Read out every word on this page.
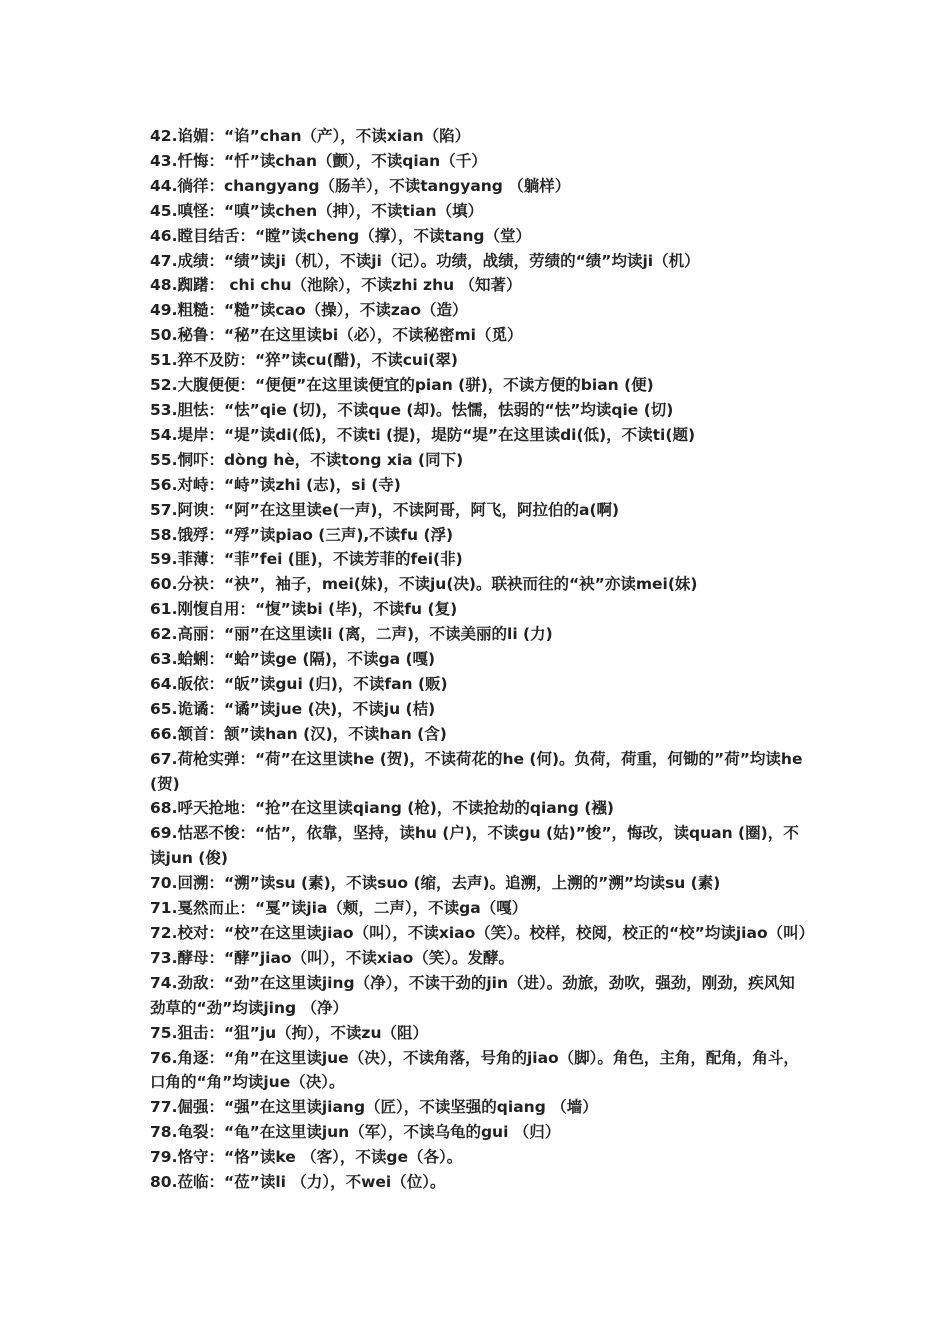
42.谄媚：“谄”chan（产），不读xian（陷）

43.忏悔：“忏”读chan（颤），不读qian（千）

44.徜徉：changyang（肠羊），不读tangyang （躺样）

45.嗔怪：“嗔”读chen（抻），不读tian（填）

46.瞠目结舌：“瞠”读cheng（撑），不读tang（堂）

47.成绩：“绩”读ji（机），不读ji（记）。功绩，战绩，劳绩的“绩”均读ji（机）

48.踟躇： chi chu（池除），不读zhi zhu （知著）

49.粗糙：“糙”读cao（操），不读zao（造）

50.秘鲁：“秘”在这里读bi（必），不读秘密mi（觅）

51.猝不及防：“猝”读cu(醋)，不读cui(翠)

52.大腹便便：“便便”在这里读便宜的pian (骈)，不读方便的bian (便)

53.胆怯：“怯”qie (切)，不读que (却)。怯懦，怯弱的“怯”均读qie (切)

54.堤岸：“堤”读di(低)，不读ti (提)，堤防“堤”在这里读di(低)，不读ti(题)

55.恫吓：dòng hè，不读tong xia (同下)

56.对峙：“峙”读zhi (志)，si (寺)

57.阿谀：“阿”在这里读e(一声)，不读阿哥，阿飞，阿拉伯的a(啊)

58.饿殍：“殍”读piao (三声),不读fu (浮)

59.菲薄：“菲”fei (匪)，不读芳菲的fei(非)

60.分袂：“袂”，袖子，mei(妹)，不读ju(决)。联袂而往的“袂”亦读mei(妹)

61.刚愎自用：“愎”读bi (毕)，不读fu (复)

62.高丽：“丽”在这里读li (离，二声)，不读美丽的li (力)

63.蛤蜊：“蛤”读ge (隔)，不读ga (嘎)

64.皈依：“皈”读gui (归)，不读fan (贩)

65.诡谲：“谲”读jue (决)，不读ju (桔)

66.颔首：颔”读han (汉)，不读han (含)

67.荷枪实弹：“荷”在这里读he (贺)，不读荷花的he (何)。负荷，荷重，何锄的”荷”均读he (贺)

68.呼天抢地：“抢”在这里读qiang (枪)，不读抢劫的qiang (襁)

69.怙恶不悛：“怙”，依靠，坚持，读hu (户)，不读gu (姑)”悛”，悔改，读quan (圈)，不读jun (俊)

70.回溯：“溯”读su (素)，不读suo (缩，去声)。追溯，上溯的”溯”均读su (素)

71.戛然而止：“戛”读jia（颊，二声），不读ga（嘎）

72.校对：“校”在这里读jiao（叫），不读xiao（笑）。校样，校阅，校正的“校”均读jiao（叫）

73.酵母：“酵”jiao（叫），不读xiao（笑）。发酵。

74.劲敌：“劲”在这里读jing（净），不读干劲的jin（进）。劲旅，劲吹，强劲，刚劲，疾风知劲草的“劲”均读jing （净）

75.狙击：“狙”ju（拘），不读zu（阻）

76.角逐：“角”在这里读jue（决），不读角落，号角的jiao（脚）。角色，主角，配角，角斗，口角的“角”均读jue（决）。

77.倔强：“强”在这里读jiang（匠），不读坚强的qiang （墙）

78.龟裂：“龟”在这里读jun（军），不读乌龟的gui （归）

79.恪守：“恪”读ke （客），不读ge（各）。

80.莅临：“莅”读li （力），不wei（位）。
